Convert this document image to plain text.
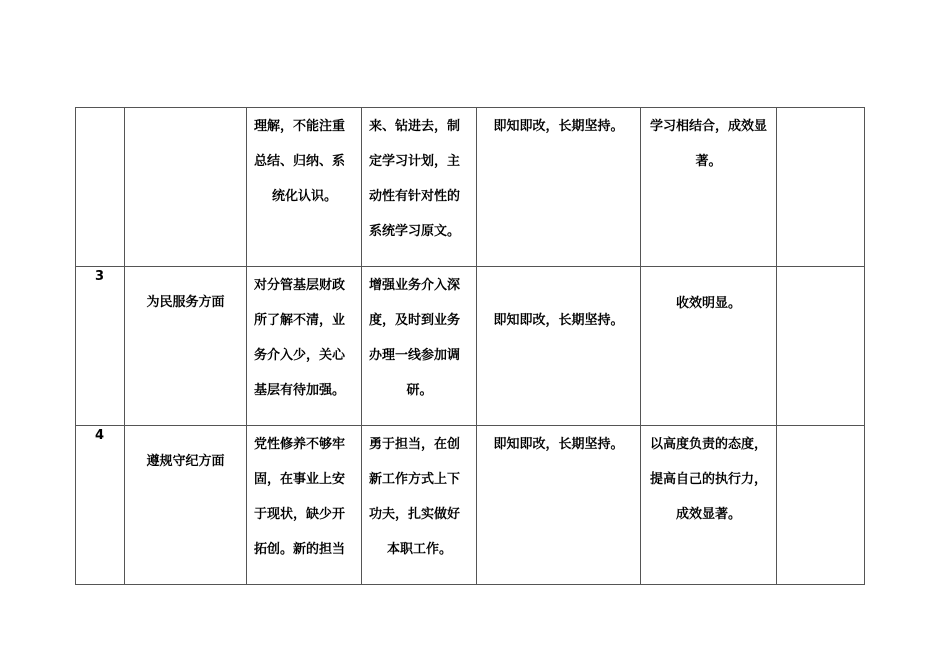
		理解，不能注重
总结、归纳、系
统化认识。	来、钻进去，制
定学习计划，主
动性有针对性的
系统学习原文。	即知即改，长期坚持。	学习相结合，成效显
著。	

3	为民服务方面	对分管基层财政
所了解不清，业
务介入少，关心
基层有待加强。	增强业务介入深
度，及时到业务
办理一线参加调
研。	即知即改，长期坚持。	收效明显。	

4	遵规守纪方面	党性修养不够牢
固，在事业上安
于现状，缺少开
拓创。新的担当	勇于担当，在创
新工作方式上下
功夫，扎实做好
本职工作。	即知即改，长期坚持。	以高度负责的态度，
提高自己的执行力，
成效显著。	
